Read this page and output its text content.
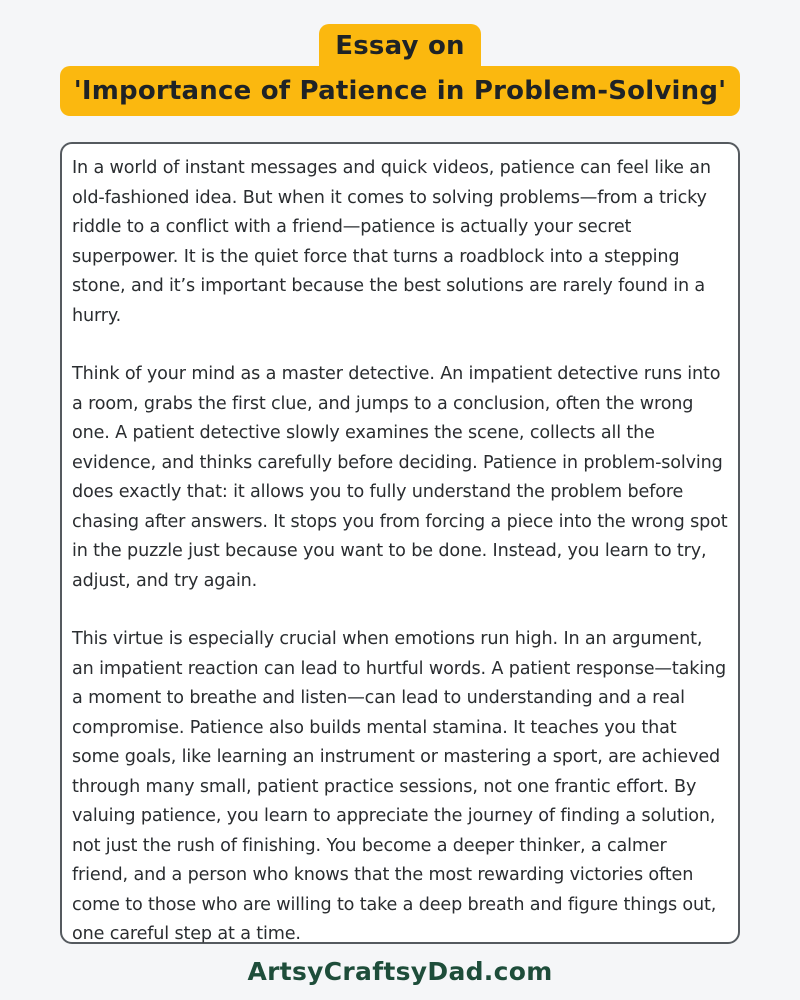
Essay on
'Importance of Patience in Problem-Solving'

In a world of instant messages and quick videos, patience can feel like an old-fashioned idea. But when it comes to solving problems—from a tricky riddle to a conflict with a friend—patience is actually your secret superpower. It is the quiet force that turns a roadblock into a stepping stone, and it’s important because the best solutions are rarely found in a hurry.

Think of your mind as a master detective. An impatient detective runs into a room, grabs the first clue, and jumps to a conclusion, often the wrong one. A patient detective slowly examines the scene, collects all the evidence, and thinks carefully before deciding. Patience in problem-solving does exactly that: it allows you to fully understand the problem before chasing after answers. It stops you from forcing a piece into the wrong spot in the puzzle just because you want to be done. Instead, you learn to try, adjust, and try again.

This virtue is especially crucial when emotions run high. In an argument, an impatient reaction can lead to hurtful words. A patient response—taking a moment to breathe and listen—can lead to understanding and a real compromise. Patience also builds mental stamina. It teaches you that some goals, like learning an instrument or mastering a sport, are achieved through many small, patient practice sessions, not one frantic effort. By valuing patience, you learn to appreciate the journey of finding a solution, not just the rush of finishing. You become a deeper thinker, a calmer friend, and a person who knows that the most rewarding victories often come to those who are willing to take a deep breath and figure things out, one careful step at a time.

ArtsyCraftsyDad.com
